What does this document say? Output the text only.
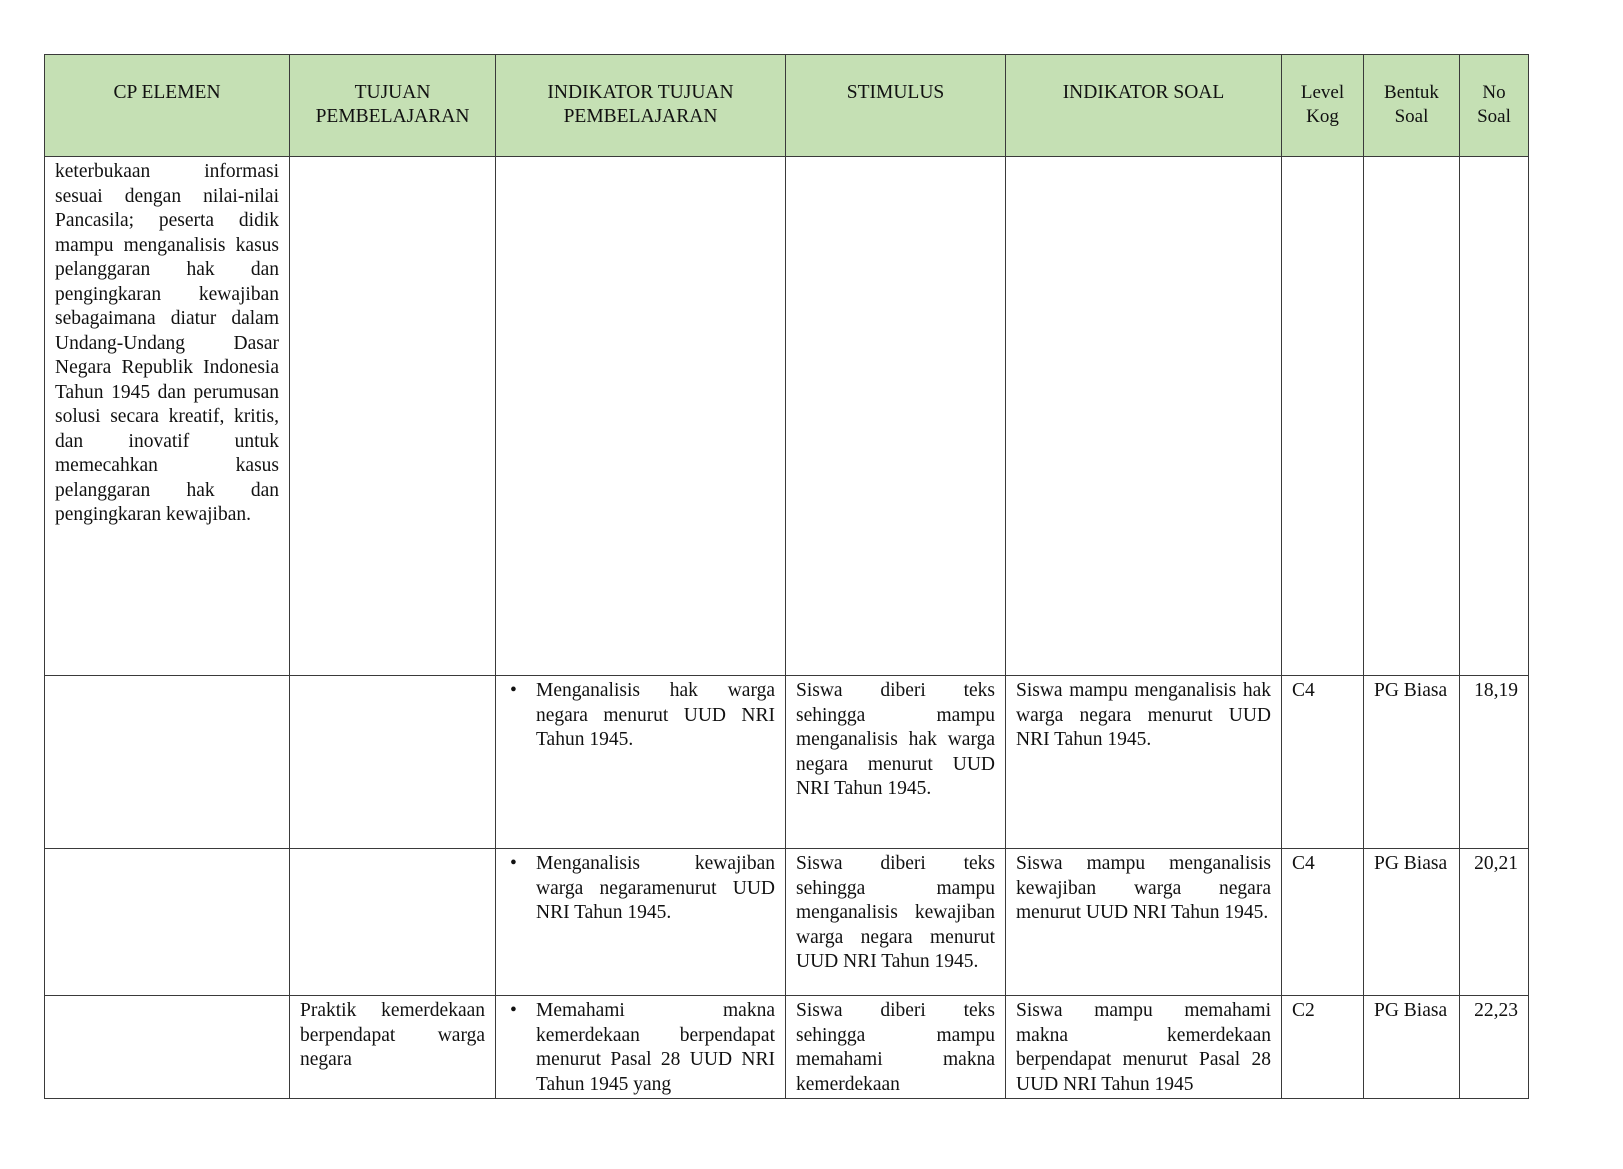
CP ELEMEN	TUJUAN PEMBELAJARAN	INDIKATOR TUJUAN PEMBELAJARAN	STIMULUS	INDIKATOR SOAL	Level Kog	Bentuk Soal	No Soal
keterbukaan informasi sesuai dengan nilai-nilai Pancasila; peserta didik mampu menganalisis kasus pelanggaran hak dan pengingkaran kewajiban sebagaimana diatur dalam Undang-Undang Dasar Negara Republik Indonesia Tahun 1945 dan perumusan solusi secara kreatif, kritis, dan inovatif untuk memecahkan kasus pelanggaran hak dan pengingkaran kewajiban.							

		• Menganalisis hak warga negara menurut UUD NRI Tahun 1945.	Siswa diberi teks sehingga mampu menganalisis hak warga negara menurut UUD NRI Tahun 1945.	Siswa mampu menganalisis hak warga negara menurut UUD NRI Tahun 1945.	C4	PG Biasa	18,19

		• Menganalisis kewajiban warga negaramenurut UUD NRI Tahun 1945.	Siswa diberi teks sehingga mampu menganalisis kewajiban warga negara menurut UUD NRI Tahun 1945.	Siswa mampu menganalisis kewajiban warga negara menurut UUD NRI Tahun 1945.	C4	PG Biasa	20,21

	Praktik kemerdekaan berpendapat warga negara	• Memahami makna kemerdekaan berpendapat menurut Pasal 28 UUD NRI Tahun 1945 yang	Siswa diberi teks sehingga mampu memahami makna kemerdekaan	Siswa mampu memahami makna kemerdekaan berpendapat menurut Pasal 28 UUD NRI Tahun 1945	C2	PG Biasa	22,23
